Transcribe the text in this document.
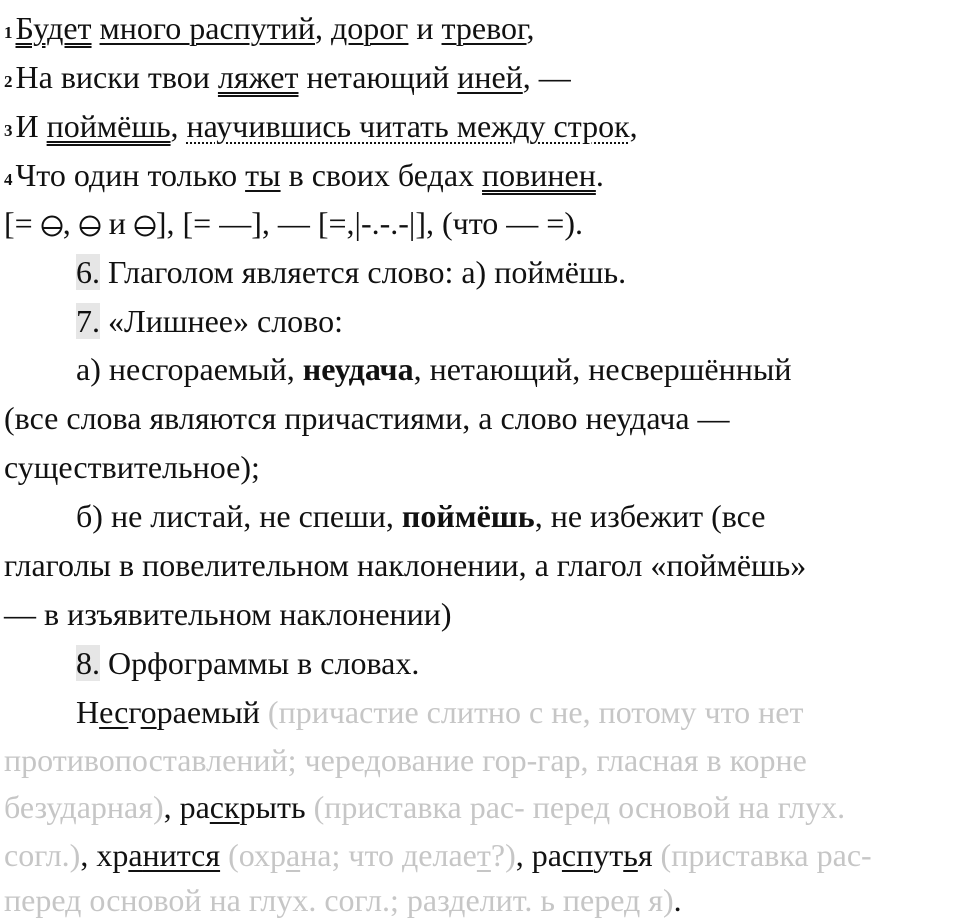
1Будет много распутий, дорог и тревог,
2На виски твои ляжет нетающий иней, —
3И поймёшь, научившись читать между строк,
4Что один только ты в своих бедах повинен.
[= ,  и ], [= —], — [=,|-.-.-|], (что — =).
6. Глаголом является слово: а) поймёшь.
7. «Лишнее» слово:
а) несгораемый, неудача, нетающий, несвершённый
(все слова являются причастиями, а слово неудача —
существительное);
б) не листай, не спеши, поймёшь, не избежит (все
глаголы в повелительном наклонении, а глагол «поймёшь»
— в изъявительном наклонении)
8. Орфограммы в словах.
Несгораемый (причастие слитно с не, потому что нет
противопоставлений; чередование гор-гар, гласная в корне
безударная), раскрыть (приставка рас- перед основой на глух.
согл.), хранится (охрана; что делает?), распутья (приставка рас-
перед основой на глух. согл.; разделит. ь перед я).
